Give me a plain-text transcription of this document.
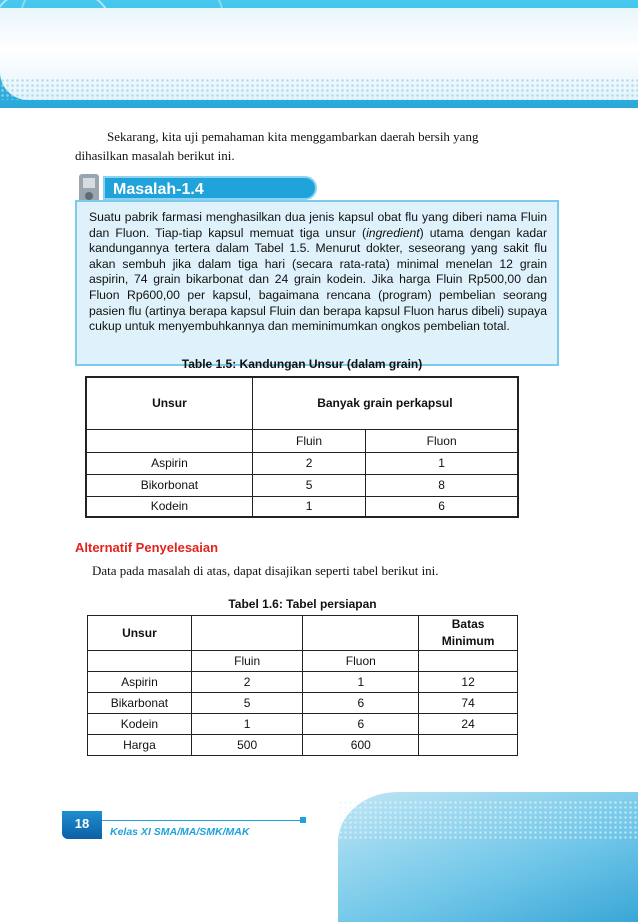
Sekarang, kita uji pemahaman kita menggambarkan daerah bersih yang
dihasilkan masalah berikut ini.
Masalah-1.4
Suatu pabrik farmasi menghasilkan dua jenis kapsul obat flu yang diberi nama Fluin dan Fluon. Tiap-tiap kapsul memuat tiga unsur (ingredient) utama dengan kadar kandungannya tertera dalam Tabel 1.5. Menurut dokter, seseorang yang sakit flu akan sembuh jika dalam tiga hari (secara rata-rata) minimal menelan 12 grain aspirin, 74 grain bikarbonat dan 24 grain kodein. Jika harga Fluin Rp500,00 dan Fluon Rp600,00 per kapsul, bagaimana rencana (program) pembelian seorang pasien flu (artinya berapa kapsul Fluin dan berapa kapsul Fluon harus dibeli) supaya cukup untuk menyembuhkannya dan meminimumkan ongkos pembelian total.
Table 1.5: Kandungan Unsur (dalam grain)
Unsur	Banyak grain perkapsul	
	Fluin	Fluon
Aspirin	2	1
Bikorbonat	5	8
Kodein	1	6
Alternatif Penyelesaian
Data pada masalah di atas, dapat disajikan seperti tabel berikut ini.
Tabel 1.6: Tabel persiapan
Unsur			Batas
Minimum
	Fluin	Fluon	
Aspirin	2	1	12
Bikarbonat	5	6	74
Kodein	1	6	24
Harga	500	600	
18
Kelas XI SMA/MA/SMK/MAK
